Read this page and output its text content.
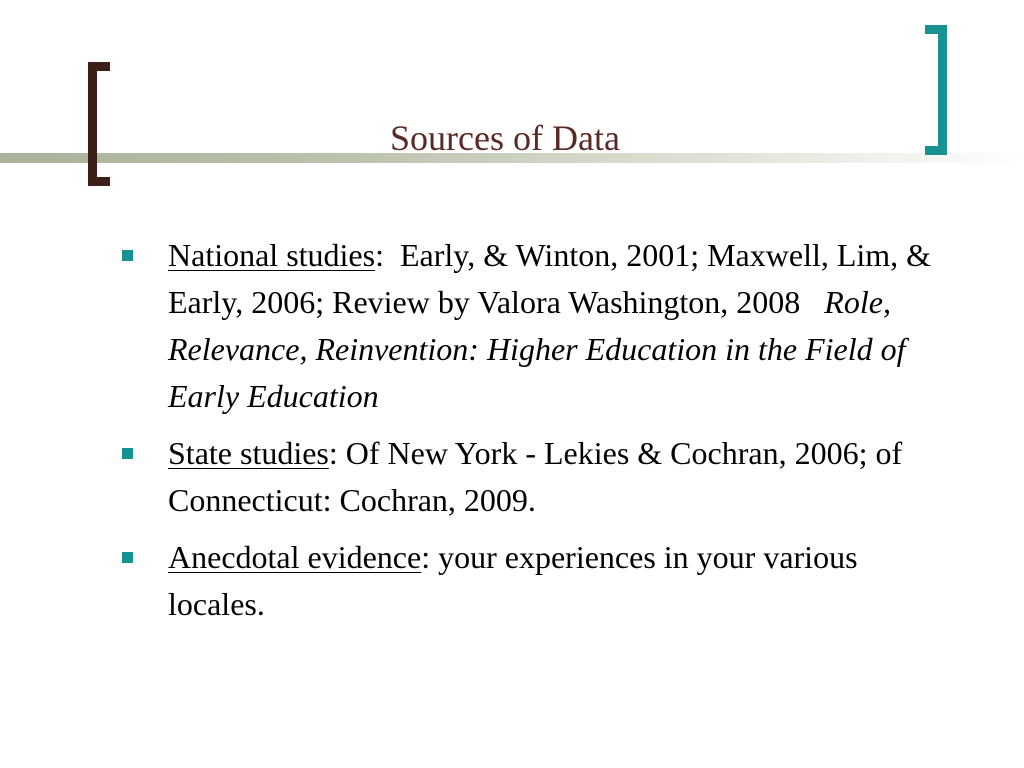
Sources of Data
National studies:  Early, & Winton, 2001; Maxwell, Lim, & Early, 2006; Review by Valora Washington, 2008   Role, Relevance, Reinvention: Higher Education in the Field of Early Education
State studies: Of New York - Lekies & Cochran, 2006; of Connecticut: Cochran, 2009.
Anecdotal evidence: your experiences in your various locales.
